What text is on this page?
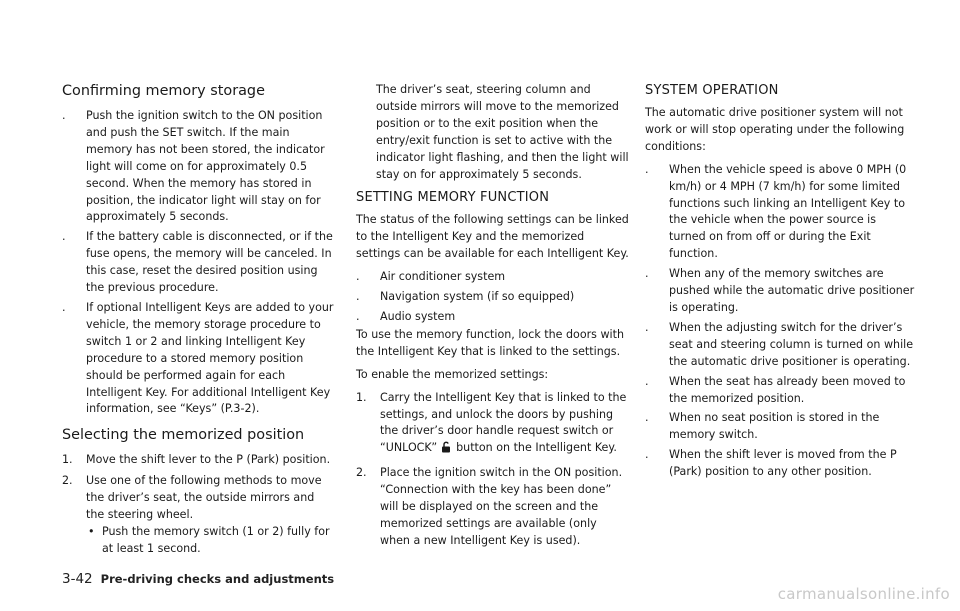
Confirming memory storage
. Push the ignition switch to the ON position and push the SET switch. If the main memory has not been stored, the indicator light will come on for approximately 0.5 second. When the memory has stored in position, the indicator light will stay on for approximately 5 seconds.
. If the battery cable is disconnected, or if the fuse opens, the memory will be canceled. In this case, reset the desired position using the previous procedure.
. If optional Intelligent Keys are added to your vehicle, the memory storage procedure to switch 1 or 2 and linking Intelligent Key procedure to a stored memory position should be performed again for each Intelligent Key. For additional Intelligent Key information, see “Keys” (P.3-2).
Selecting the memorized position
1. Move the shift lever to the P (Park) position.
2. Use one of the following methods to move the driver’s seat, the outside mirrors and the steering wheel.
• Push the memory switch (1 or 2) fully for at least 1 second.

The driver’s seat, steering column and outside mirrors will move to the memorized position or to the exit position when the entry/exit function is set to active with the indicator light flashing, and then the light will stay on for approximately 5 seconds.

SETTING MEMORY FUNCTION

The status of the following settings can be linked to the Intelligent Key and the memorized settings can be available for each Intelligent Key.

. Air conditioner system
. Navigation system (if so equipped)
. Audio system

To use the memory function, lock the doors with the Intelligent Key that is linked to the settings.

To enable the memorized settings:

1. Carry the Intelligent Key that is linked to the settings, and unlock the doors by pushing the driver’s door handle request switch or “UNLOCK” button on the Intelligent Key.
2. Place the ignition switch in the ON position. “Connection with the key has been done” will be displayed on the screen and the memorized settings are available (only when a new Intelligent Key is used).
SYSTEM OPERATION

The automatic drive positioner system will not work or will stop operating under the following conditions:

. When the vehicle speed is above 0 MPH (0 km/h) or 4 MPH (7 km/h) for some limited functions such linking an Intelligent Key to the vehicle when the power source is turned on from off or during the Exit function.
. When any of the memory switches are pushed while the automatic drive positioner is operating.
. When the adjusting switch for the driver’s seat and steering column is turned on while the automatic drive positioner is operating.
. When the seat has already been moved to the memorized position.
. When no seat position is stored in the memory switch.
. When the shift lever is moved from the P (Park) position to any other position.
3-42 Pre-driving checks and adjustments
carmanualsonline.info
